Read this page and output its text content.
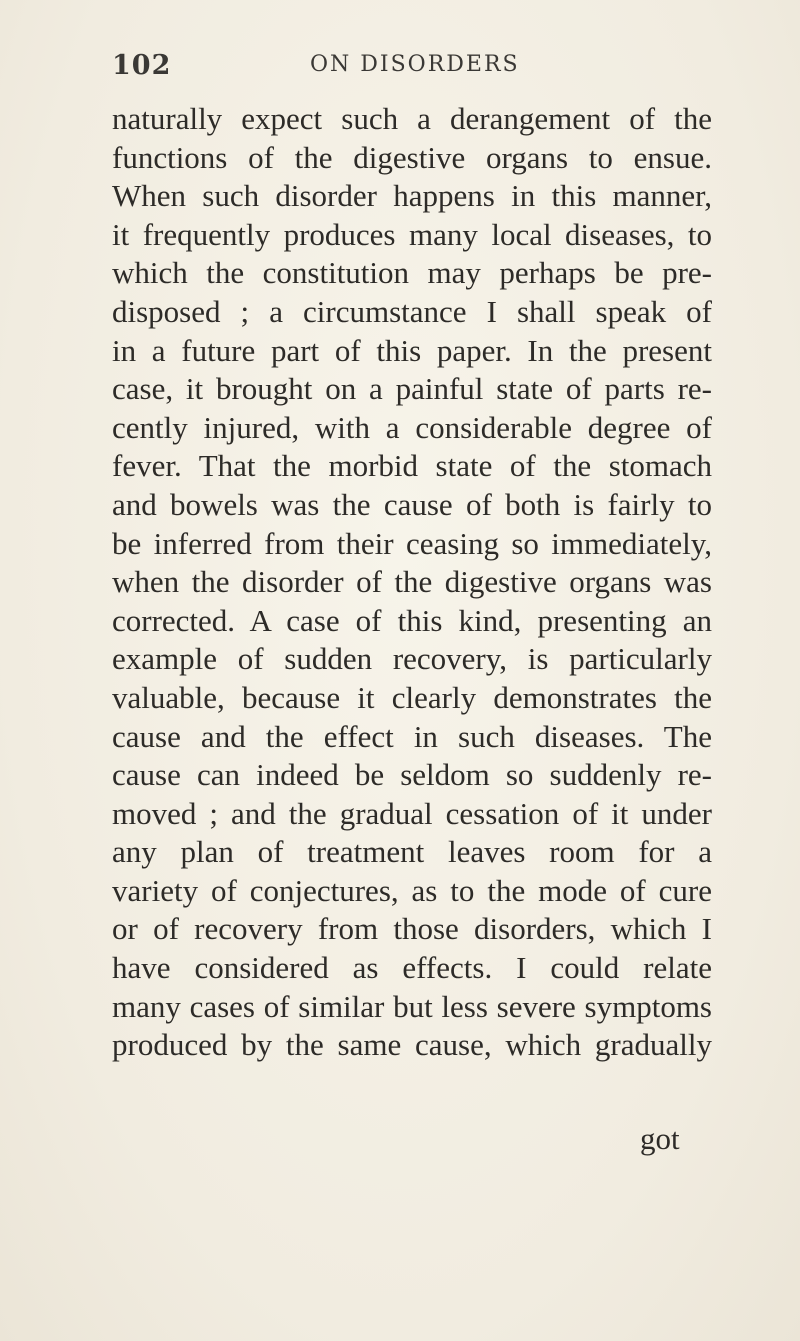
102	ON DISORDERS
naturally expect such a derangement of the
functions of the digestive organs to ensue.
When such disorder happens in this manner,
it frequently produces many local diseases, to
which the constitution may perhaps be pre-
disposed ; a circumstance I shall speak of
in a future part of this paper. In the present
case, it brought on a painful state of parts re-
cently injured, with a considerable degree of
fever. That the morbid state of the stomach
and bowels was the cause of both is fairly to
be inferred from their ceasing so immediately,
when the disorder of the digestive organs was
corrected. A case of this kind, presenting an
example of sudden recovery, is particularly
valuable, because it clearly demonstrates the
cause and the effect in such diseases. The
cause can indeed be seldom so suddenly re-
moved ; and the gradual cessation of it under
any plan of treatment leaves room for a
variety of conjectures, as to the mode of cure
or of recovery from those disorders, which I
have considered as effects. I could relate
many cases of similar but less severe symptoms
produced by the same cause, which gradually
got
